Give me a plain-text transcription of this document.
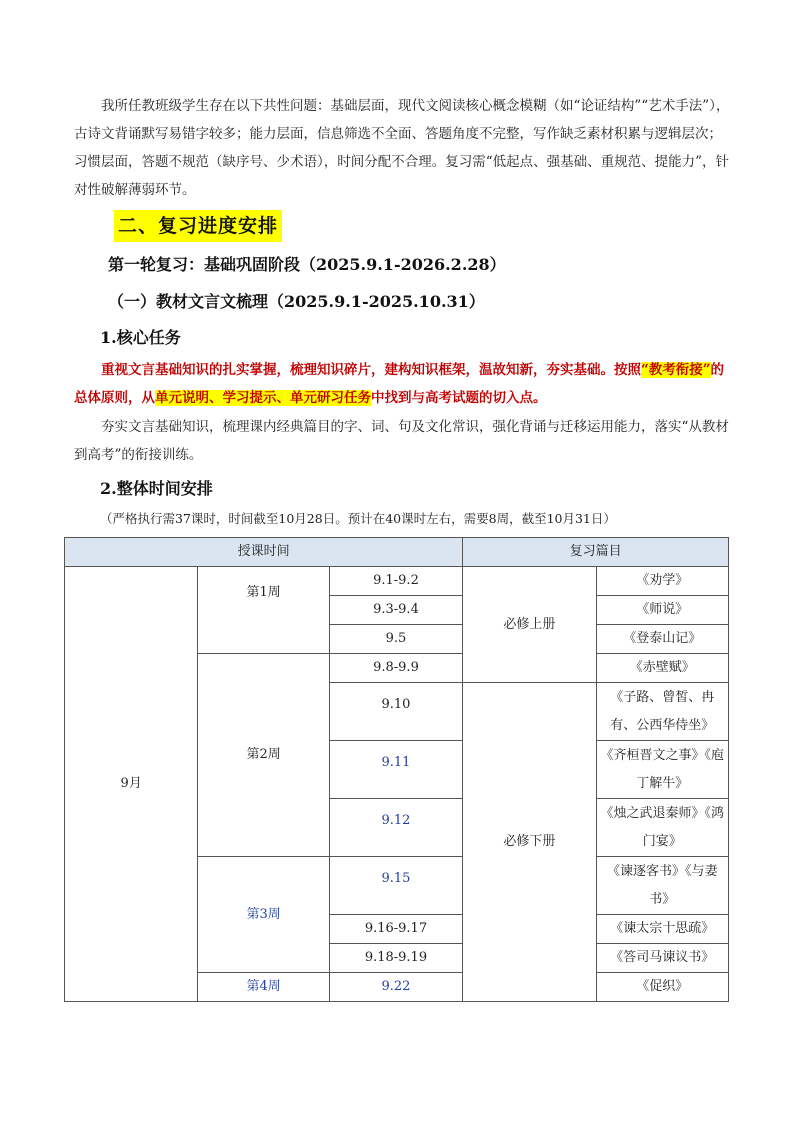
我所任教班级学生存在以下共性问题：基础层面，现代文阅读核心概念模糊（如“论证结构”“艺术手法”），古诗文背诵默写易错字较多；能力层面，信息筛选不全面、答题角度不完整，写作缺乏素材积累与逻辑层次；习惯层面，答题不规范（缺序号、少术语），时间分配不合理。复习需“低起点、强基础、重规范、提能力”，针对性破解薄弱环节。

二、复习进度安排
第一轮复习：基础巩固阶段（2025.9.1-2026.2.28）
（一）教材文言文梳理（2025.9.1-2025.10.31）
1.核心任务

重视文言基础知识的扎实掌握，梳理知识碎片，建构知识框架，温故知新，夯实基础。按照“教考衔接”的总体原则，从单元说明、学习提示、单元研习任务中找到与高考试题的切入点。

夯实文言基础知识，梳理课内经典篇目的字、词、句及文化常识，强化背诵与迁移运用能力，落实“从教材到高考”的衔接训练。

2.整体时间安排
（严格执行需37课时，时间截至10月28日。预计在40课时左右，需要8周，截至10月31日）
授课时间			复习篇目	
9月	第1周	9.1-9.2	必修上册	《劝学》
		9.3-9.4		《师说》
		9.5		《登泰山记》
	第2周	9.8-9.9		《赤壁赋》
		9.10	必修下册	《子路、曾皙、冉有、公西华侍坐》
		9.11		《齐桓晋文之事》《庖丁解牛》
		9.12		《烛之武退秦师》《鸿门宴》

	第3周	9.15		《谏逐客书》《与妻书》
		9.16-9.17		《谏太宗十思疏》
		9.18-9.19		《答司马谏议书》
	第4周	9.22		《促织》
